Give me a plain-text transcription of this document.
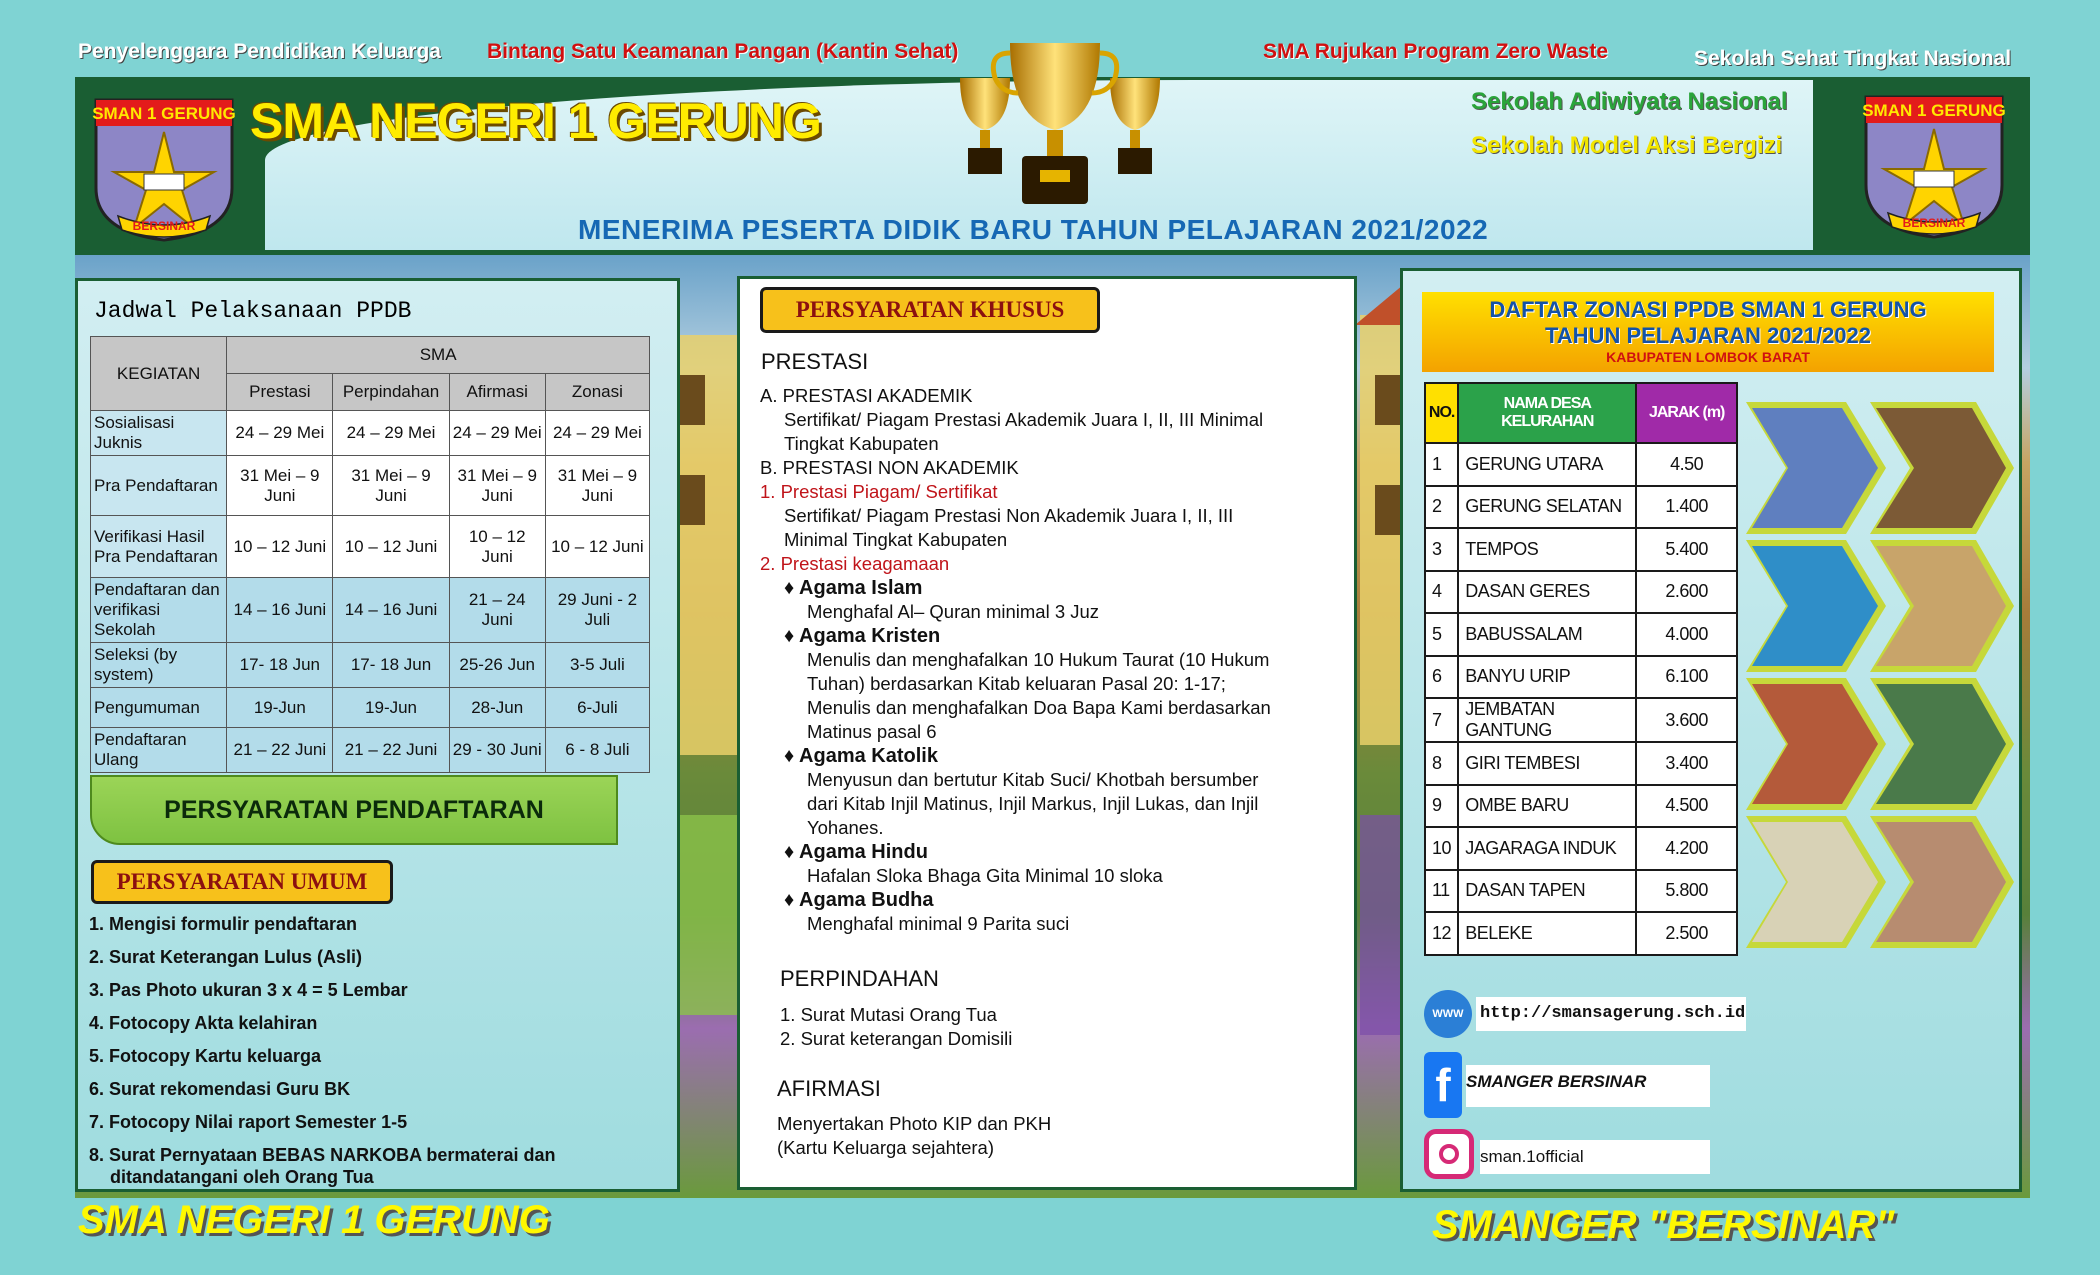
Penyelenggara Pendidikan Keluarga Bintang Satu Keamanan Pangan (Kantin Sehat)	SMA Rujukan Program Zero Waste	Sekolah Sehat Tingkat Nasional
SMA NEGERI 1 GERUNG
SMAN 1 GERUNG
BERSINAR
SMAN 1 GERUNG
BERSINAR
Sekolah Adiwiyata Nasional
Sekolah Model Aksi Bergizi
MENERIMA PESERTA DIDIK BARU TAHUN PELAJARAN 2021/2022
Jadwal Pelaksanaan PPDB
KEGIATAN	SMA			
	Prestasi	Perpindahan	Afirmasi	Zonasi
Sosialisasi Juknis	24 – 29 Mei	24 – 29 Mei	24 – 29 Mei	24 – 29 Mei
Pra Pendaftaran	31 Mei – 9 Juni	31 Mei – 9 Juni	31 Mei – 9 Juni	31 Mei – 9 Juni
Verifikasi Hasil Pra Pendaftaran	10 – 12 Juni	10 – 12 Juni	10 – 12 Juni	10 – 12 Juni
Pendaftaran dan verifikasi Sekolah	14 – 16 Juni	14 – 16 Juni	21 – 24 Juni	29 Juni - 2 Juli
Seleksi (by system)	17- 18 Jun	17- 18 Jun	25-26 Jun	3-5 Juli
Pengumuman	19-Jun	19-Jun	28-Jun	6-Juli
Pendaftaran Ulang	21 – 22 Juni	21 – 22 Juni	29 - 30 Juni	6 - 8 Juli
PERSYARATAN PENDAFTARAN
PERSYARATAN UMUM
1. Mengisi formulir pendaftaran
2. Surat Keterangan Lulus (Asli)
3. Pas Photo ukuran 3 x 4 = 5 Lembar
4. Fotocopy Akta kelahiran
5. Fotocopy Kartu keluarga
6. Surat rekomendasi Guru BK
7. Fotocopy Nilai raport Semester 1-5
8. Surat Pernyataan BEBAS NARKOBA bermaterai dan
ditandatangani oleh Orang Tua
PERSYARATAN KHUSUS
PRESTASI
A. PRESTASI AKADEMIK
Sertifikat/ Piagam Prestasi Akademik Juara I, II, III Minimal
Tingkat Kabupaten
B. PRESTASI NON AKADEMIK
1. Prestasi Piagam/ Sertifikat
Sertifikat/ Piagam Prestasi Non Akademik Juara I, II, III
Minimal Tingkat Kabupaten
2. Prestasi keagamaan
♦ Agama Islam
Menghafal Al– Quran minimal 3 Juz
♦ Agama Kristen
Menulis dan menghafalkan 10 Hukum Taurat (10 Hukum
Tuhan) berdasarkan Kitab keluaran Pasal 20: 1-17;
Menulis dan menghafalkan Doa Bapa Kami berdasarkan
Matinus pasal 6
♦ Agama Katolik
Menyusun dan bertutur Kitab Suci/ Khotbah bersumber
dari Kitab Injil Matinus, Injil Markus, Injil Lukas, dan Injil
Yohanes.
♦ Agama Hindu
Hafalan Sloka Bhaga Gita Minimal 10 sloka
♦ Agama Budha
Menghafal minimal 9 Parita suci
PERPINDAHAN
1. Surat Mutasi Orang Tua
2. Surat keterangan Domisili
AFIRMASI
Menyertakan Photo KIP dan PKH
(Kartu Keluarga sejahtera)
DAFTAR ZONASI PPDB SMAN 1 GERUNG
TAHUN PELAJARAN 2021/2022
KABUPATEN LOMBOK BARAT
NO.	NAMA DESA KELURAHAN	JARAK (m)
1	GERUNG UTARA	4.50
2	GERUNG SELATAN	1.400
3	TEMPOS	5.400
4	DASAN GERES	2.600
5	BABUSSALAM	4.000
6	BANYU URIP	6.100
7	JEMBATAN GANTUNG	3.600
8	GIRI TEMBESI	3.400
9	OMBE BARU	4.500
10	JAGARAGA INDUK	4.200
11	DASAN TAPEN	5.800
12	BELEKE	2.500
WWW http://smansagerung.sch.id
f SMANGER BERSINAR
sman.1official
SMA NEGERI 1 GERUNG	SMANGER "BERSINAR"
